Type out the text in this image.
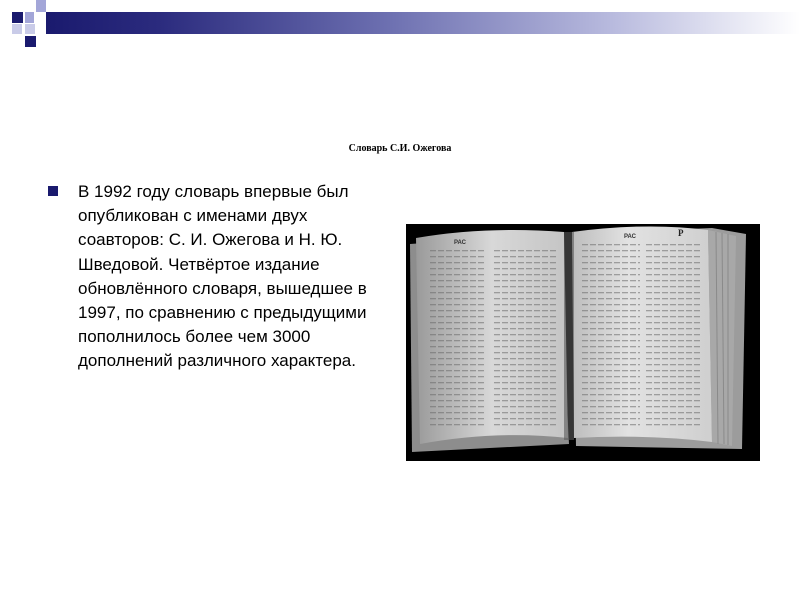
Словарь С.И. Ожегова

В 1992 году словарь впервые был опубликован с именами двух соавторов: С. И. Ожегова и Н. Ю. Шведовой. Четвёртое издание обновлённого словаря, вышедшее в 1997, по сравнению с предыдущими пополнилось более чем 3000 дополнений различного характера.

РАС
РАС	Р
